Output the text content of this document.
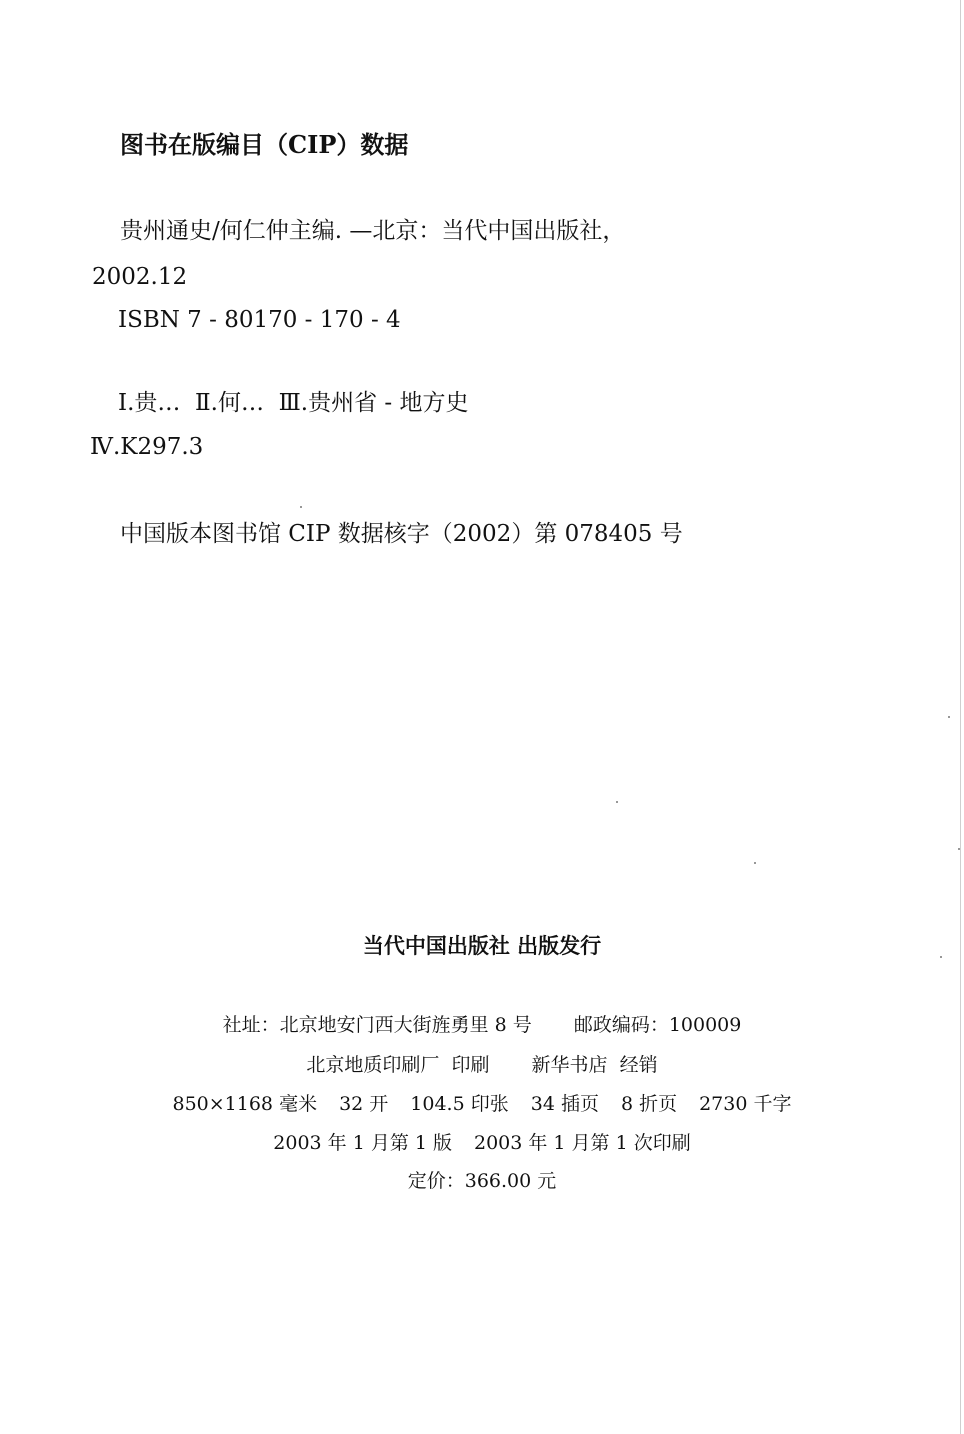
图书在版编目（CIP）数据
贵州通史/何仁仲主编. —北京：当代中国出版社，
2002.12
ISBN 7 - 80170 - 170 - 4
Ⅰ.贵…  Ⅱ.何…  Ⅲ.贵州省 - 地方史
Ⅳ.K297.3
中国版本图书馆 CIP 数据核字（2002）第 078405 号
当代中国出版社 出版发行
社址：北京地安门西大街旌勇里 8 号 邮政编码：100009
北京地质印刷厂  印刷 新华书店  经销
850×1168 毫米 32 开 104.5 印张 34 插页 8 折页 2730 千字
2003 年 1 月第 1 版 2003 年 1 月第 1 次印刷
定价：366.00 元
